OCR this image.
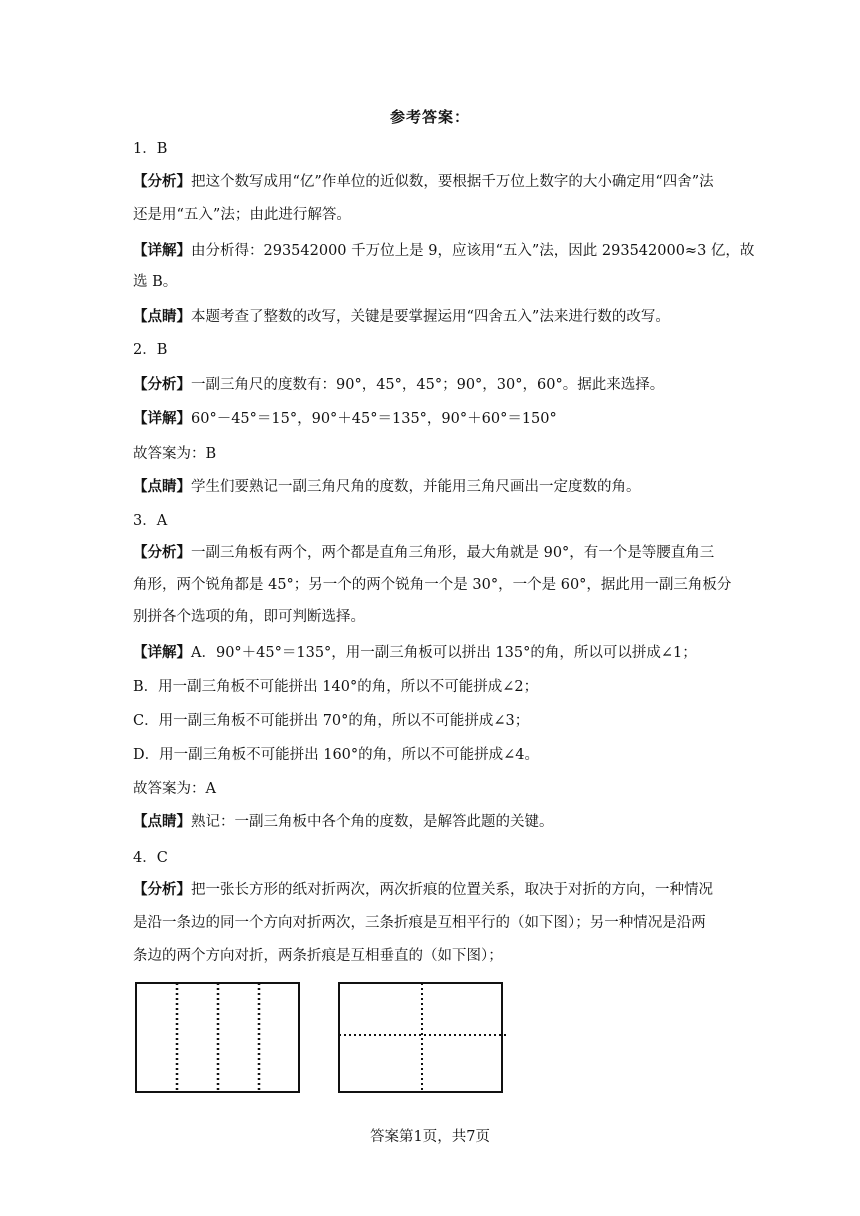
参考答案：
1．B
【分析】把这个数写成用“亿”作单位的近似数，要根据千万位上数字的大小确定用“四舍”法
还是用“五入”法；由此进行解答。
【详解】由分析得：293542000 千万位上是 9，应该用“五入”法，因此 293542000≈3 亿，故
选 B。
【点睛】本题考查了整数的改写，关键是要掌握运用“四舍五入”法来进行数的改写。
2．B
【分析】一副三角尺的度数有：90°，45°，45°；90°，30°，60°。据此来选择。
【详解】60°－45°＝15°，90°＋45°＝135°，90°＋60°＝150°
故答案为：B
【点睛】学生们要熟记一副三角尺角的度数，并能用三角尺画出一定度数的角。
3．A
【分析】一副三角板有两个，两个都是直角三角形，最大角就是 90°，有一个是等腰直角三
角形，两个锐角都是 45°；另一个的两个锐角一个是 30°，一个是 60°，据此用一副三角板分
别拼各个选项的角，即可判断选择。
【详解】A．90°＋45°＝135°，用一副三角板可以拼出 135°的角，所以可以拼成∠1；
B．用一副三角板不可能拼出 140°的角，所以不可能拼成∠2；
C．用一副三角板不可能拼出 70°的角，所以不可能拼成∠3；
D．用一副三角板不可能拼出 160°的角，所以不可能拼成∠4。
故答案为：A
【点睛】熟记：一副三角板中各个角的度数，是解答此题的关键。
4．C
【分析】把一张长方形的纸对折两次，两次折痕的位置关系，取决于对折的方向，一种情况
是沿一条边的同一个方向对折两次，三条折痕是互相平行的（如下图）；另一种情况是沿两
条边的两个方向对折，两条折痕是互相垂直的（如下图）；
答案第1页，共7页
